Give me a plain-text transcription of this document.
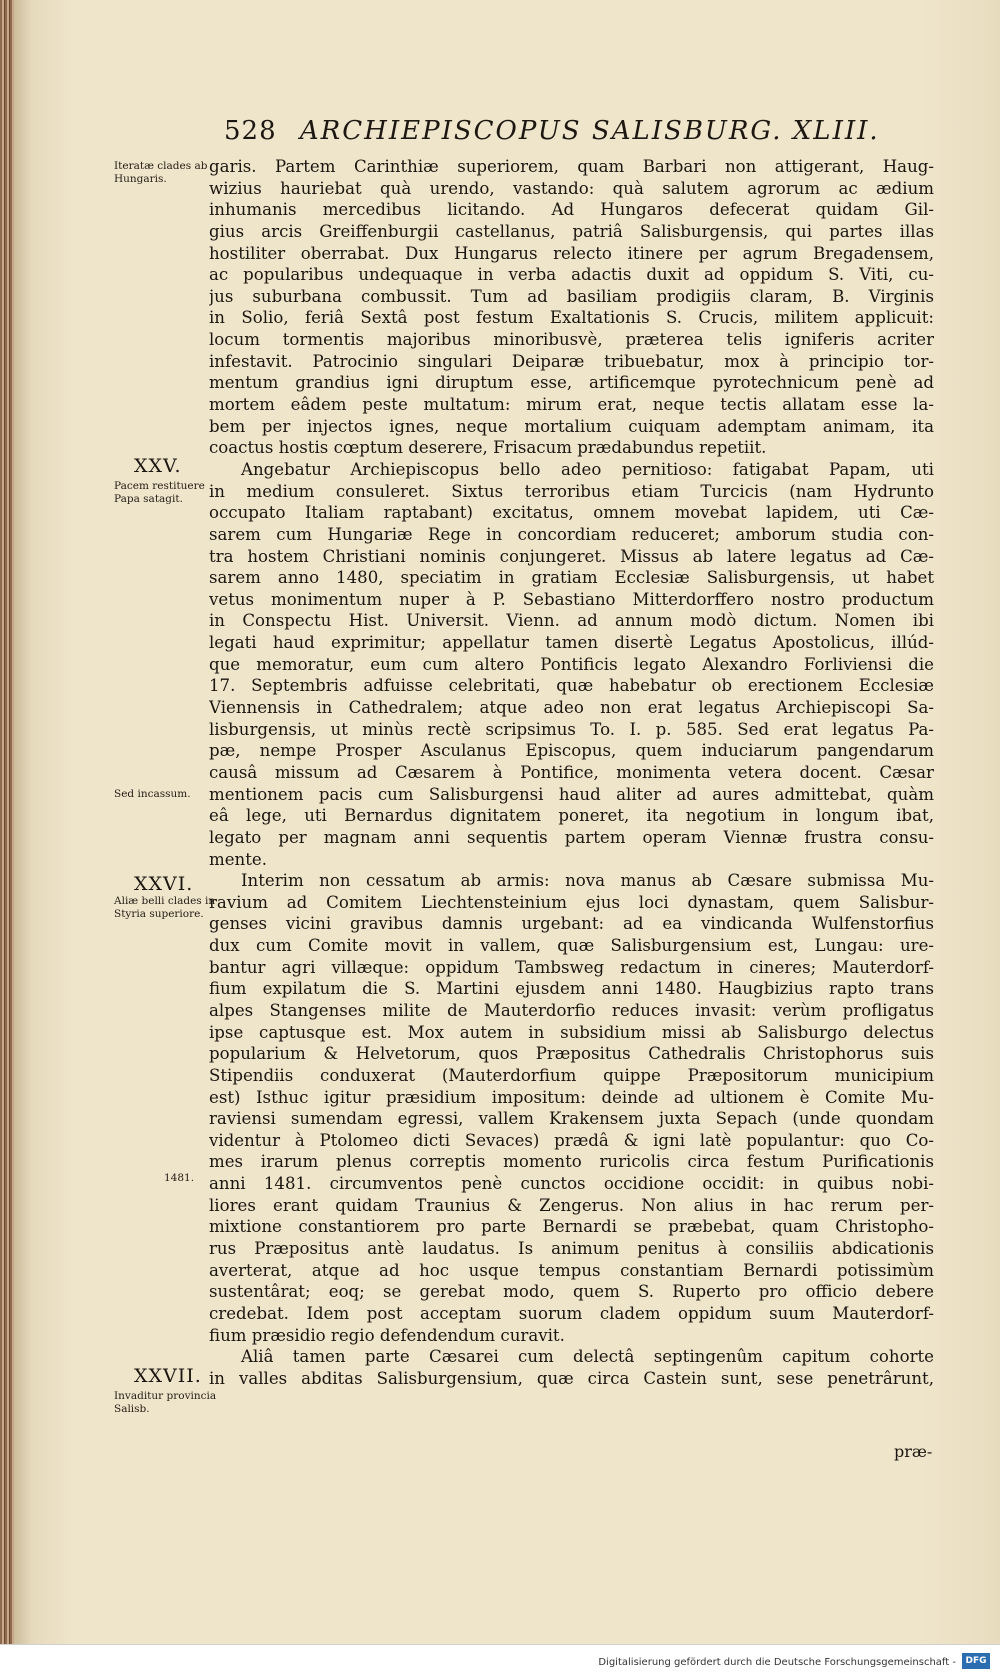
528 ARCHIEPISCOPUS SALISBURG. XLIII.
Iteratæ clades ab Hungaris.
XXV.
Pacem restituere Papa satagit.
Sed incassum.
XXVI.
Aliæ belli clades in Styria superiore.
1481.
XXVII.
Invaditur provincia Salisb.
garis. Partem Carinthiæ superiorem, quam Barbari non attigerant, Haug-
wizius hauriebat quà urendo, vastando: quà salutem agrorum ac ædium
inhumanis mercedibus licitando. Ad Hungaros defecerat quidam Gil-
gius arcis Greiffenburgii castellanus, patriâ Salisburgensis, qui partes illas
hostiliter oberrabat. Dux Hungarus relecto itinere per agrum Bregadensem,
ac popularibus undequaque in verba adactis duxit ad oppidum S. Viti, cu-
jus suburbana combussit. Tum ad basiliam prodigiis claram, B. Virginis
in Solio, feriâ Sextâ post festum Exaltationis S. Crucis, militem applicuit:
locum tormentis majoribus minoribusvè, præterea telis igniferis acriter
infestavit. Patrocinio singulari Deiparæ tribuebatur, mox à principio tor-
mentum grandius igni diruptum esse, artificemque pyrotechnicum penè ad
mortem eâdem peste multatum: mirum erat, neque tectis allatam esse la-
bem per injectos ignes, neque mortalium cuiquam ademptam animam, ita
coactus hostis cœptum deserere, Frisacum prædabundus repetiit.
Angebatur Archiepiscopus bello adeo pernitioso: fatigabat Papam, uti
in medium consuleret. Sixtus terroribus etiam Turcicis (nam Hydrunto
occupato Italiam raptabant) excitatus, omnem movebat lapidem, uti Cæ-
sarem cum Hungariæ Rege in concordiam reduceret; amborum studia con-
tra hostem Christiani nominis conjungeret. Missus ab latere legatus ad Cæ-
sarem anno 1480, speciatim in gratiam Ecclesiæ Salisburgensis, ut habet
vetus monimentum nuper à P. Sebastiano Mitterdorffero nostro productum
in Conspectu Hist. Universit. Vienn. ad annum modò dictum. Nomen ibi
legati haud exprimitur; appellatur tamen disertè Legatus Apostolicus, illúd-
que memoratur, eum cum altero Pontificis legato Alexandro Forliviensi die
17. Septembris adfuisse celebritati, quæ habebatur ob erectionem Ecclesiæ
Viennensis in Cathedralem; atque adeo non erat legatus Archiepiscopi Sa-
lisburgensis, ut minùs rectè scripsimus To. I. p. 585. Sed erat legatus Pa-
pæ, nempe Prosper Asculanus Episcopus, quem induciarum pangendarum
causâ missum ad Cæsarem à Pontifice, monimenta vetera docent. Cæsar
mentionem pacis cum Salisburgensi haud aliter ad aures admittebat, quàm
eâ lege, uti Bernardus dignitatem poneret, ita negotium in longum ibat,
legato per magnam anni sequentis partem operam Viennæ frustra consu-
mente.
Interim non cessatum ab armis: nova manus ab Cæsare submissa Mu-
ravium ad Comitem Liechtensteinium ejus loci dynastam, quem Salisbur-
genses vicini gravibus damnis urgebant: ad ea vindicanda Wulfenstorfius
dux cum Comite movit in vallem, quæ Salisburgensium est, Lungau: ure-
bantur agri villæque: oppidum Tambsweg redactum in cineres; Mauterdorf-
fium expilatum die S. Martini ejusdem anni 1480. Haugbizius rapto trans
alpes Stangenses milite de Mauterdorfio reduces invasit: verùm profligatus
ipse captusque est. Mox autem in subsidium missi ab Salisburgo delectus
popularium & Helvetorum, quos Præpositus Cathedralis Christophorus suis
Stipendiis conduxerat (Mauterdorfium quippe Præpositorum municipium
est) Isthuc igitur præsidium impositum: deinde ad ultionem è Comite Mu-
raviensi sumendam egressi, vallem Krakensem juxta Sepach (unde quondam
videntur à Ptolomeo dicti Sevaces) prædâ & igni latè populantur: quo Co-
mes irarum plenus correptis momento ruricolis circa festum Purificationis
anni 1481. circumventos penè cunctos occidione occidit: in quibus nobi-
liores erant quidam Traunius & Zengerus. Non alius in hac rerum per-
mixtione constantiorem pro parte Bernardi se præbebat, quam Christopho-
rus Præpositus antè laudatus. Is animum penitus à consiliis abdicationis
averterat, atque ad hoc usque tempus constantiam Bernardi potissimùm
sustentârat; eoq; se gerebat modo, quem S. Ruperto pro officio debere
credebat. Idem post acceptam suorum cladem oppidum suum Mauterdorf-
fium præsidio regio defendendum curavit.
Aliâ tamen parte Cæsarei cum delectâ septingenûm capitum cohorte
in valles abditas Salisburgensium, quæ circa Castein sunt, sese penetrârunt,
præ-
Digitalisierung gefördert durch die Deutsche Forschungsgemeinschaft -	DFG
